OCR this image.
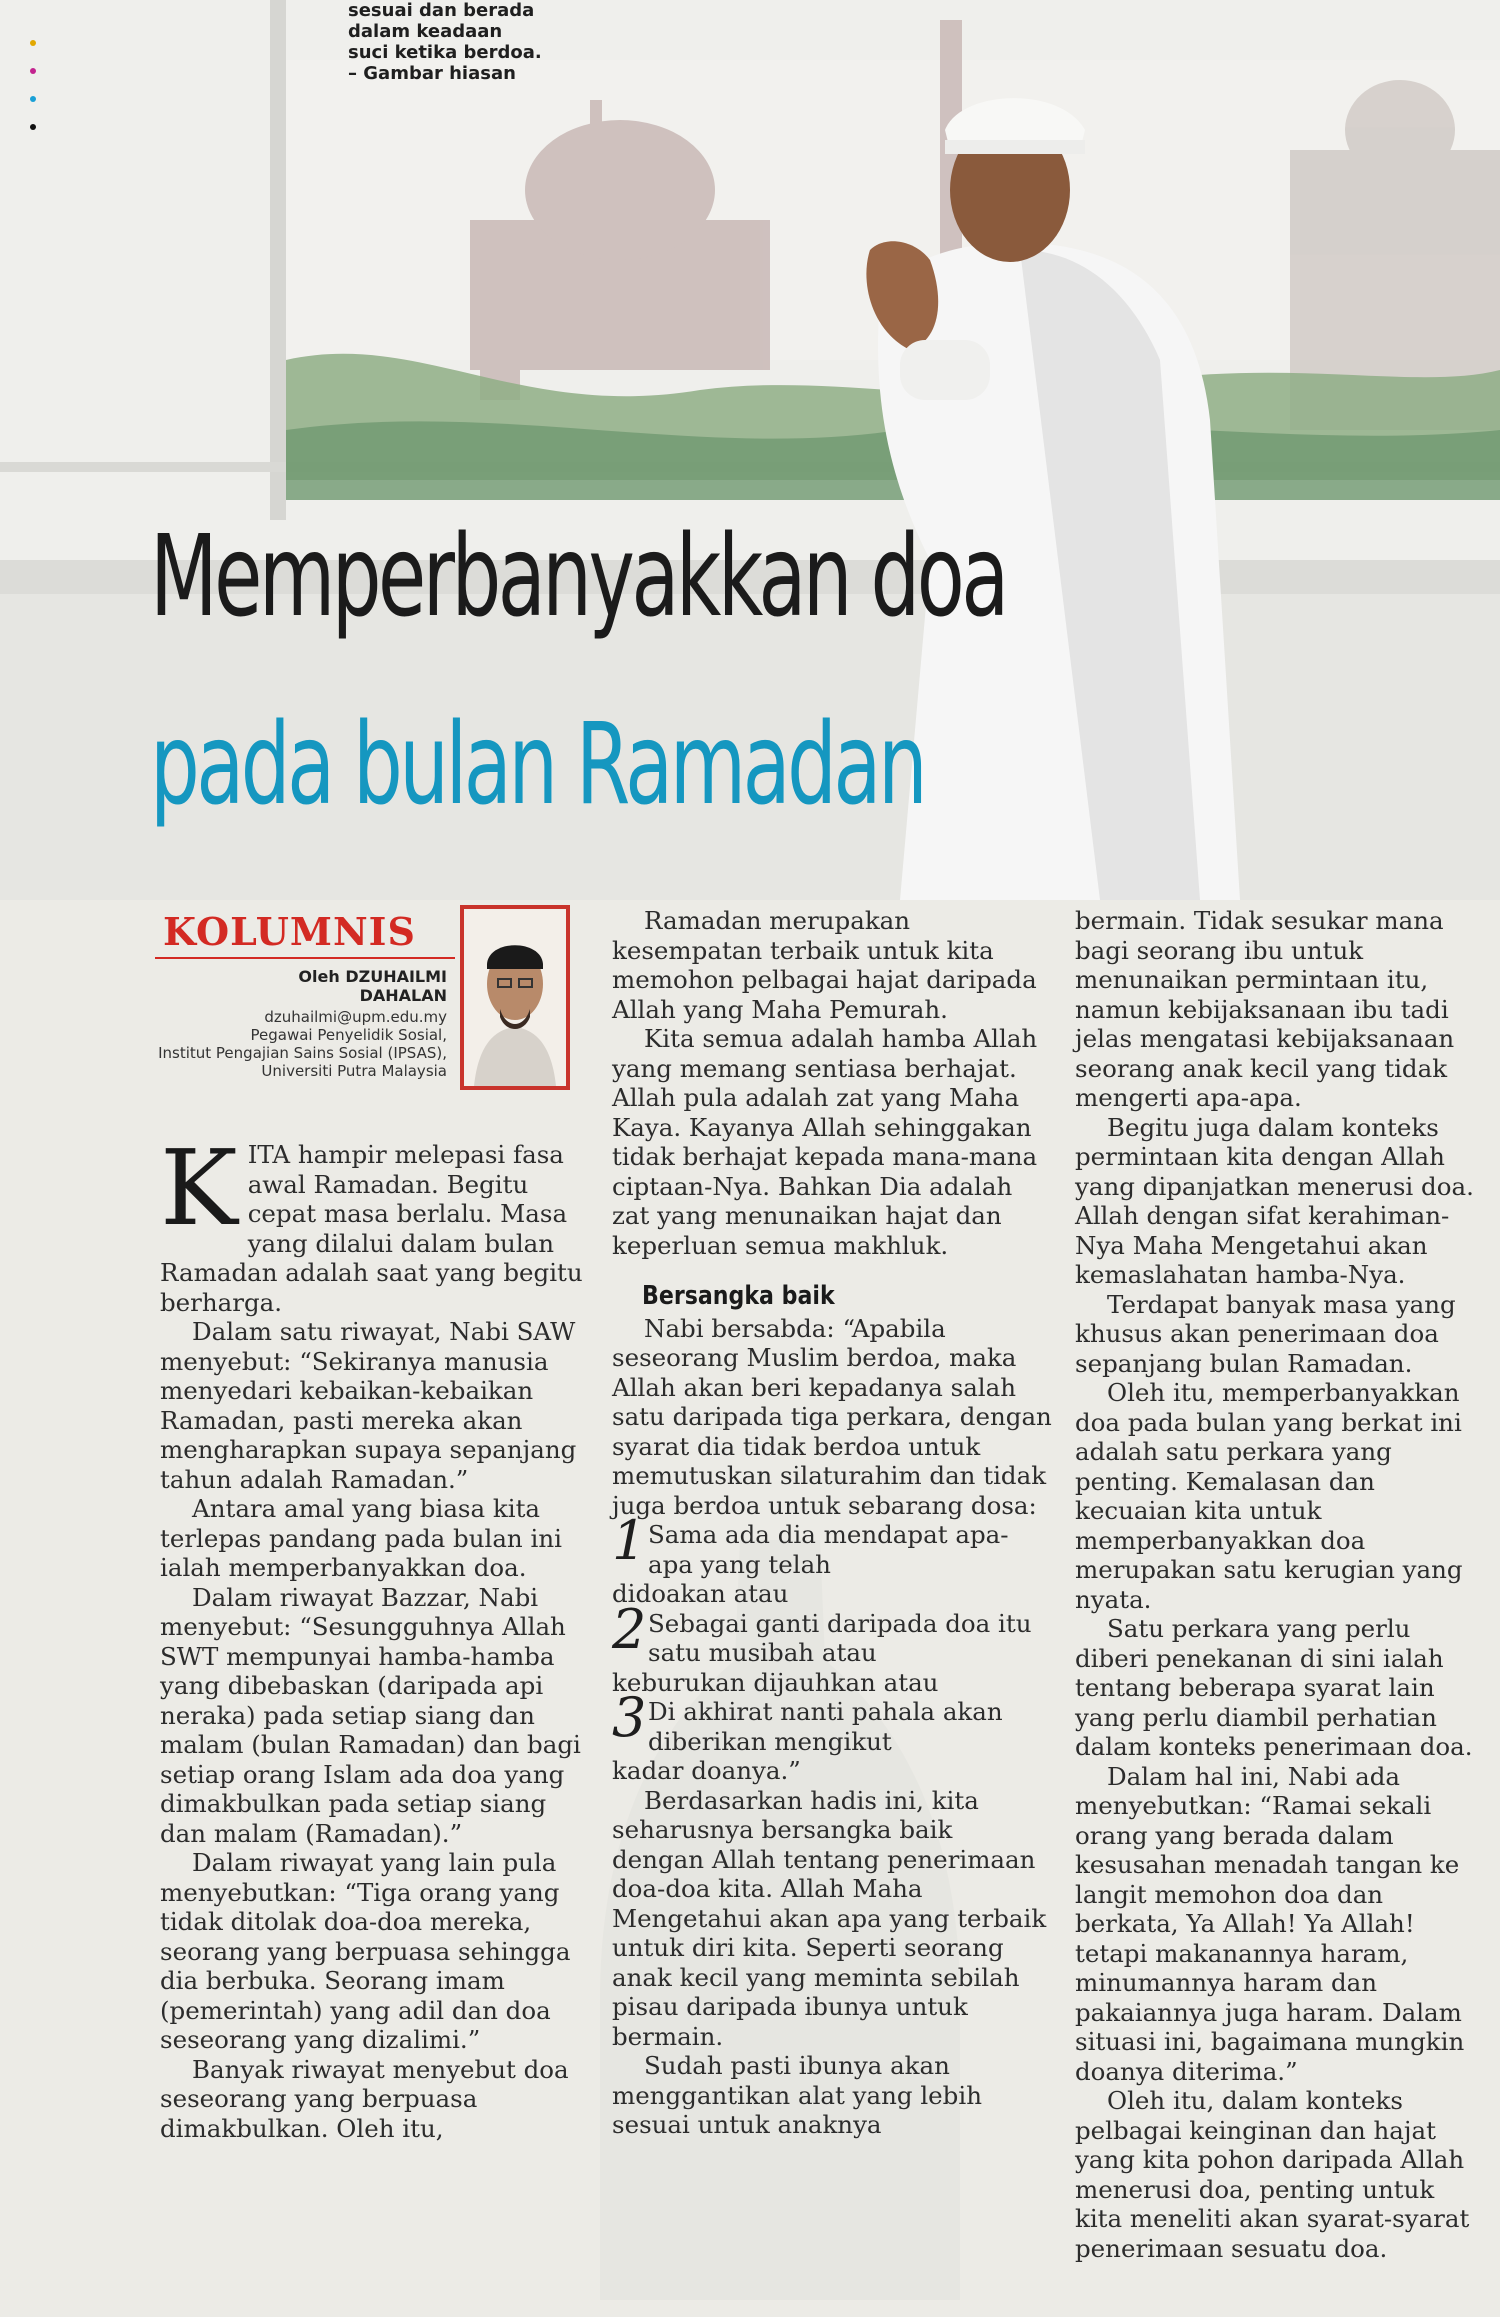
sesuai dan berada
dalam keadaan
suci ketika berdoa.
– Gambar hiasan

Memperbanyakkan doa
pada bulan Ramadan
KOLUMNIS
Oleh DZUHAILMI DAHALAN
dzuhailmi@upm.edu.my
Pegawai Penyelidik Sosial,
Institut Pengajian Sains Sosial (IPSAS),
Universiti Putra Malaysia

KITA hampir melepasi fasa awal Ramadan. Begitu cepat masa berlalu. Masa yang dilalui dalam bulan Ramadan adalah saat yang begitu berharga.

Dalam satu riwayat, Nabi SAW menyebut: “Sekiranya manusia menyedari kebaikan-kebaikan Ramadan, pasti mereka akan mengharapkan supaya sepanjang tahun adalah Ramadan.”

Antara amal yang biasa kita terlepas pandang pada bulan ini ialah memperbanyakkan doa.

Dalam riwayat Bazzar, Nabi menyebut: “Sesungguhnya Allah SWT mempunyai hamba-hamba yang dibebaskan (daripada api neraka) pada setiap siang dan malam (bulan Ramadan) dan bagi setiap orang Islam ada doa yang dimakbulkan pada setiap siang dan malam (Ramadan).”

Dalam riwayat yang lain pula menyebutkan: “Tiga orang yang tidak ditolak doa-doa mereka, seorang yang berpuasa sehingga dia berbuka. Seorang imam (pemerintah) yang adil dan doa seseorang yang dizalimi.”

Banyak riwayat menyebut doa seseorang yang berpuasa dimakbulkan. Oleh itu,

Ramadan merupakan kesempatan terbaik untuk kita memohon pelbagai hajat daripada Allah yang Maha Pemurah.

Kita semua adalah hamba Allah yang memang sentiasa berhajat. Allah pula adalah zat yang Maha Kaya. Kayanya Allah sehinggakan tidak berhajat kepada mana-mana ciptaan-Nya. Bahkan Dia adalah zat yang menunaikan hajat dan keperluan semua makhluk.

Bersangka baik

Nabi bersabda: “Apabila seseorang Muslim berdoa, maka Allah akan beri kepadanya salah satu daripada tiga perkara, dengan syarat dia tidak berdoa untuk memutuskan silaturahim dan tidak juga berdoa untuk sebarang dosa:

1 Sama ada dia mendapat apa-apa yang telah
didoakan atau
2 Sebagai ganti daripada doa itu satu musibah atau
keburukan dijauhkan atau
3 Di akhirat nanti pahala akan diberikan mengikut
kadar doanya.”

Berdasarkan hadis ini, kita seharusnya bersangka baik dengan Allah tentang penerimaan doa-doa kita. Allah Maha Mengetahui akan apa yang terbaik untuk diri kita. Seperti seorang anak kecil yang meminta sebilah pisau daripada ibunya untuk bermain.

Sudah pasti ibunya akan menggantikan alat yang lebih sesuai untuk anaknya

bermain. Tidak sesukar mana bagi seorang ibu untuk menunaikan permintaan itu, namun kebijaksanaan ibu tadi jelas mengatasi kebijaksanaan seorang anak kecil yang tidak mengerti apa-apa.

Begitu juga dalam konteks permintaan kita dengan Allah yang dipanjatkan menerusi doa. Allah dengan sifat kerahiman-Nya Maha Mengetahui akan kemaslahatan hamba-Nya.

Terdapat banyak masa yang khusus akan penerimaan doa sepanjang bulan Ramadan.

Oleh itu, memperbanyakkan doa pada bulan yang berkat ini adalah satu perkara yang penting. Kemalasan dan kecuaian kita untuk memperbanyakkan doa merupakan satu kerugian yang nyata.

Satu perkara yang perlu diberi penekanan di sini ialah tentang beberapa syarat lain yang perlu diambil perhatian dalam konteks penerimaan doa.

Dalam hal ini, Nabi ada menyebutkan: “Ramai sekali orang yang berada dalam kesusahan menadah tangan ke langit memohon doa dan berkata, Ya Allah! Ya Allah! tetapi makanannya haram, minumannya haram dan pakaiannya juga haram. Dalam situasi ini, bagaimana mungkin doanya diterima.”

Oleh itu, dalam konteks pelbagai keinginan dan hajat yang kita pohon daripada Allah menerusi doa, penting untuk kita meneliti akan syarat-syarat penerimaan sesuatu doa.
